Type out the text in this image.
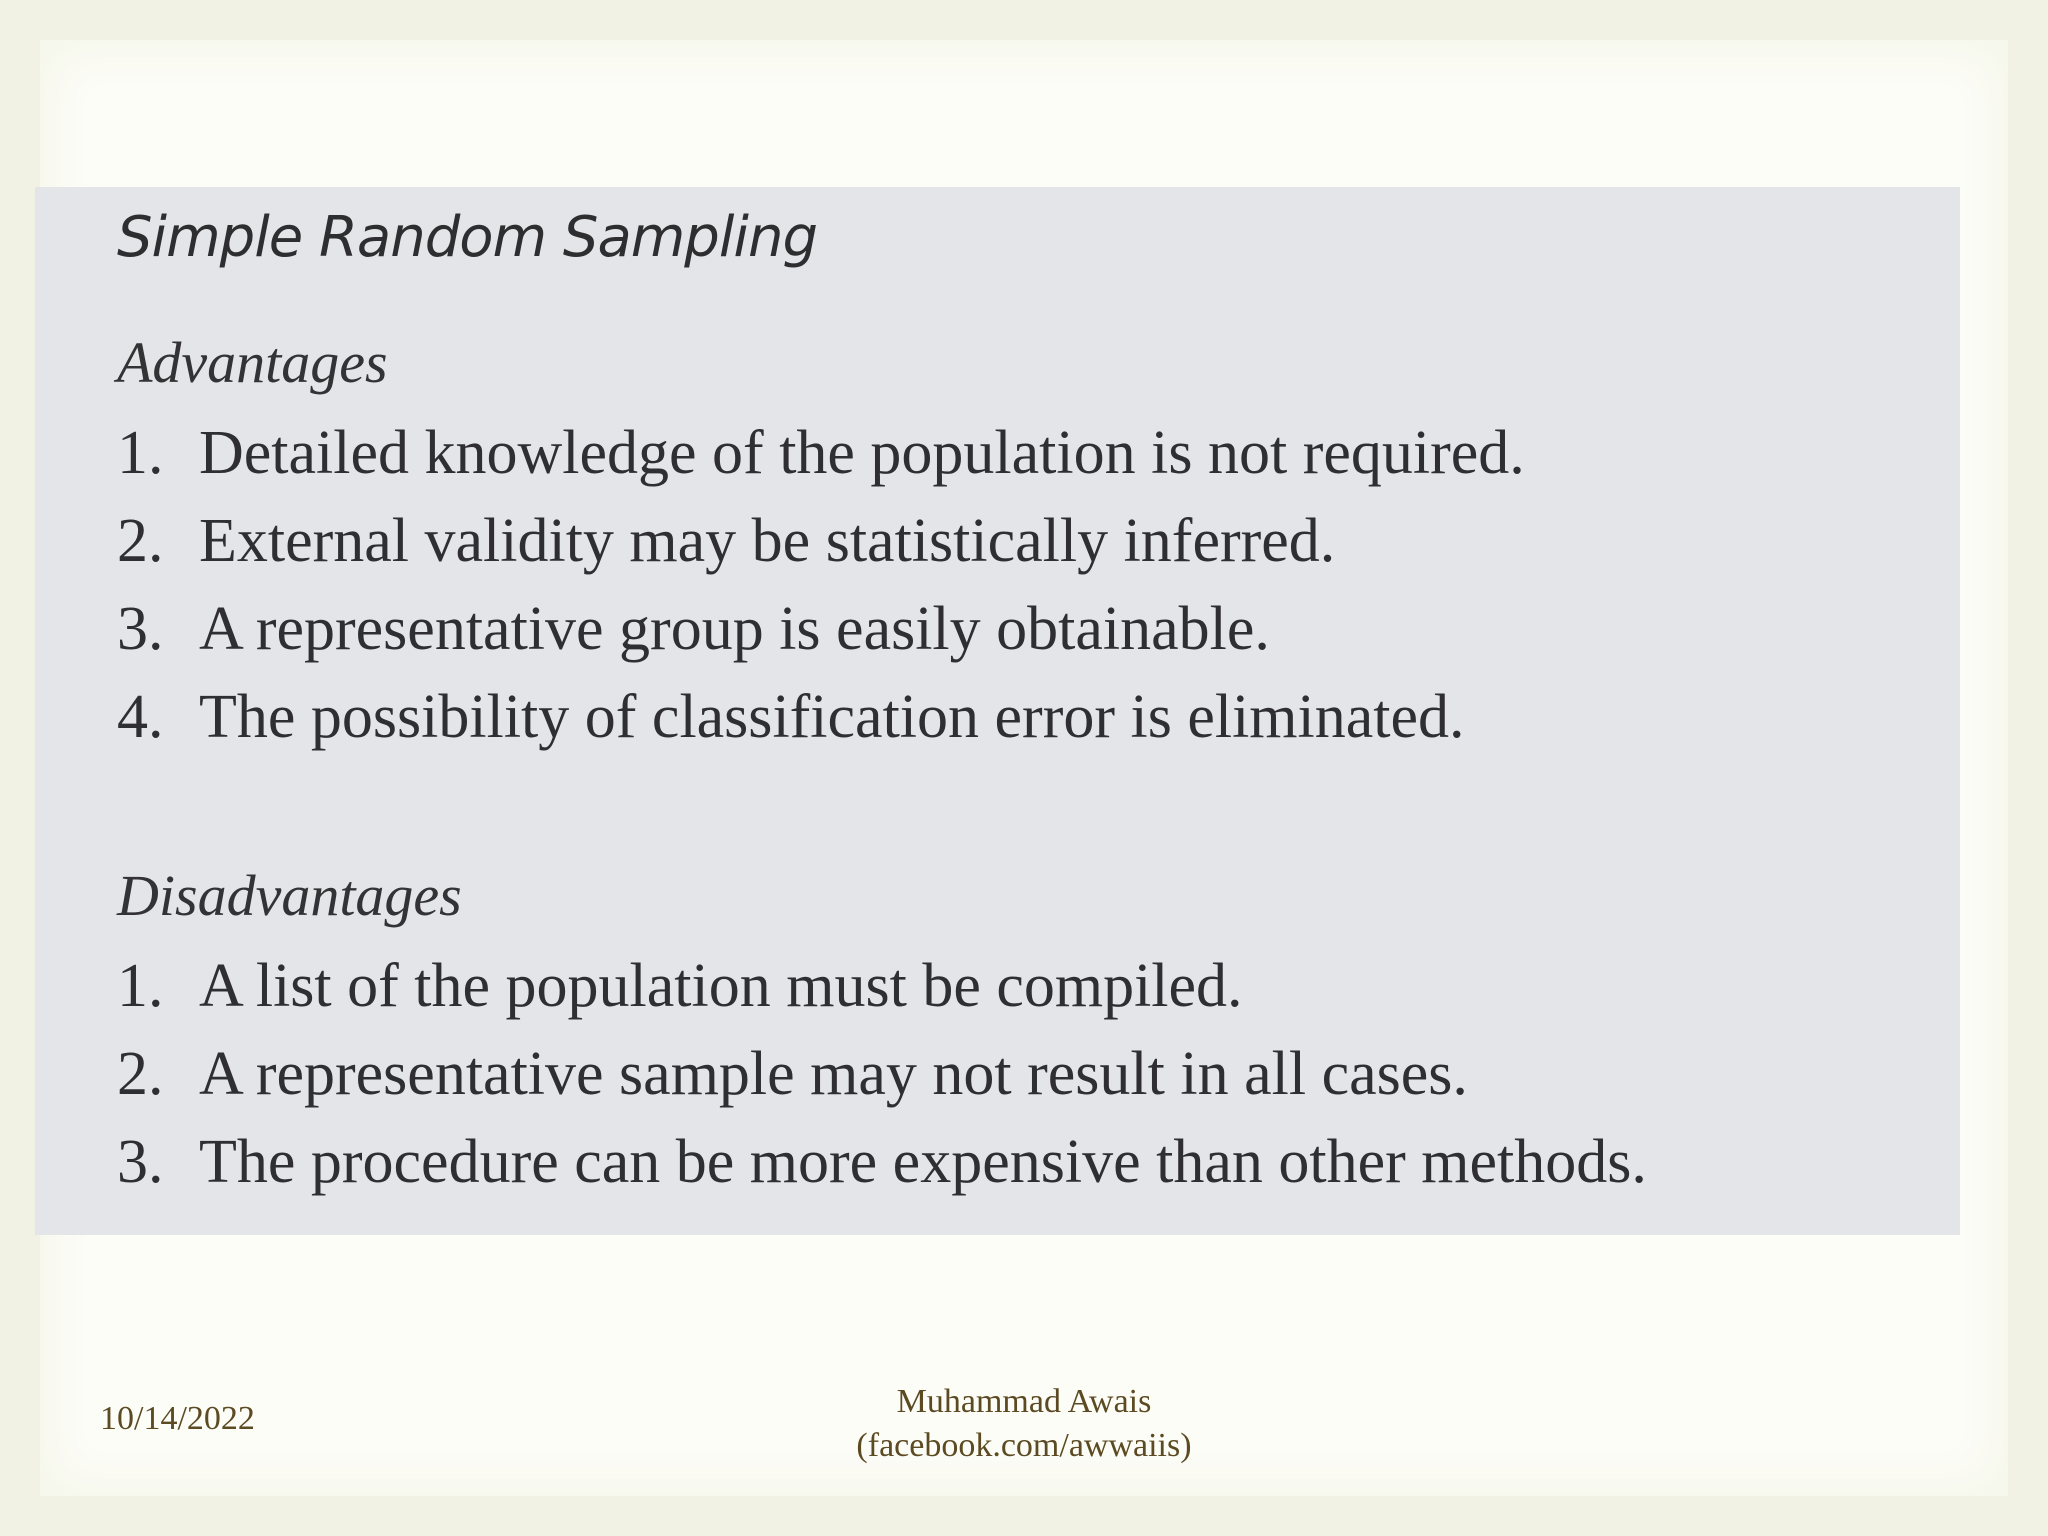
Simple Random Sampling
Advantages
1. Detailed knowledge of the population is not required.
2. External validity may be statistically inferred.
3. A representative group is easily obtainable.
4. The possibility of classification error is eliminated.
Disadvantages
1. A list of the population must be compiled.
2. A representative sample may not result in all cases.
3. The procedure can be more expensive than other methods.
10/14/2022	Muhammad Awais
(facebook.com/awwaiis)
